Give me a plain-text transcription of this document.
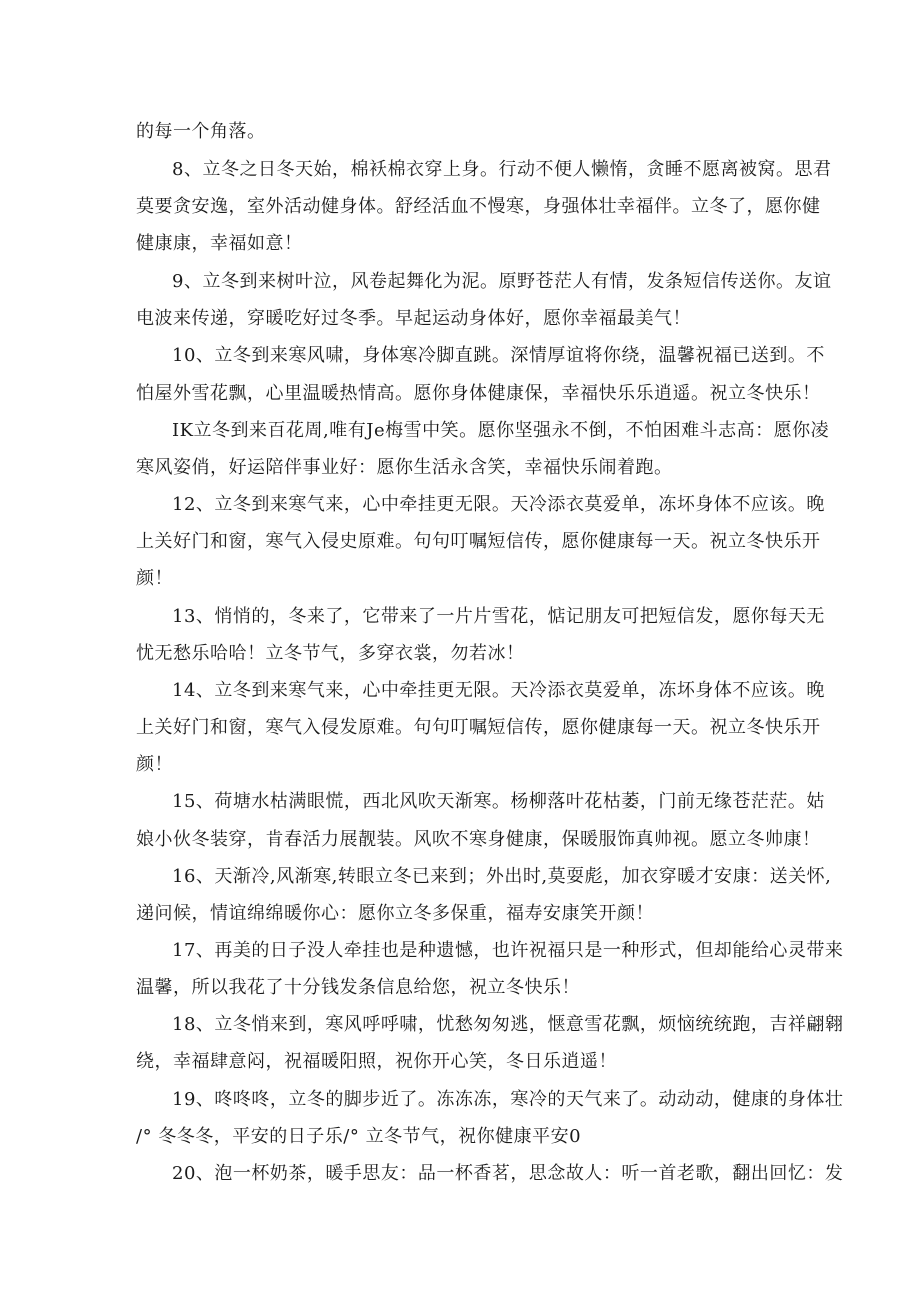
的每一个角落。
8、立冬之日冬天始，棉袄棉衣穿上身。行动不便人懒惰，贪睡不愿离被窝。思君
莫要贪安逸，室外活动健身体。舒经活血不慢寒，身强体壮幸福伴。立冬了，愿你健
健康康，幸福如意！
9、立冬到来树叶泣，风卷起舞化为泥。原野苍茫人有情，发条短信传送你。友谊
电波来传递，穿暖吃好过冬季。早起运动身体好，愿你幸福最美气！
10、立冬到来寒风啸，身体寒冷脚直跳。深情厚谊将你绕，温馨祝福已送到。不
怕屋外雪花飘，心里温暖热情高。愿你身体健康保，幸福快乐乐逍遥。祝立冬快乐！
IK立冬到来百花周,唯有Je梅雪中笑。愿你坚强永不倒，不怕困难斗志高：愿你凌
寒风姿俏，好运陪伴事业好：愿你生活永含笑，幸福快乐闹着跑。
12、立冬到来寒气来，心中牵挂更无限。天冷添衣莫爱单，冻坏身体不应该。晚
上关好门和窗，寒气入侵史原难。句句叮嘱短信传，愿你健康每一天。祝立冬快乐开
颜！
13、悄悄的，冬来了，它带来了一片片雪花，惦记朋友可把短信发，愿你每天无
忧无愁乐哈哈！立冬节气，多穿衣裳，勿若冰！
14、立冬到来寒气来，心中牵挂更无限。天冷添衣莫爱单，冻坏身体不应该。晚
上关好门和窗，寒气入侵发原难。句句叮嘱短信传，愿你健康每一天。祝立冬快乐开
颜！
15、荷塘水枯满眼慌，西北风吹天渐寒。杨柳落叶花枯萎，门前无缘苍茫茫。姑
娘小伙冬装穿，肯春活力展靓装。风吹不寒身健康，保暖服饰真帅视。愿立冬帅康！
16、天渐冷,风渐寒,转眼立冬已来到；外出时,莫耍彪，加衣穿暖才安康：送关怀,
递问候，情谊绵绵暖你心：愿你立冬多保重，福寿安康笑开颜！
17、再美的日子没人牵挂也是种遗憾，也许祝福只是一种形式，但却能给心灵带来
温馨，所以我花了十分钱发条信息给您，祝立冬快乐！
18、立冬悄来到，寒风呼呼啸，忧愁匆匆逃，惬意雪花飘，烦恼统统跑，吉祥翩翱
绕，幸福肆意闷，祝福暖阳照，祝你开心笑，冬日乐逍遥！
19、咚咚咚，立冬的脚步近了。冻冻冻，寒冷的天气来了。动动动，健康的身体壮
/° 冬冬冬，平安的日子乐/° 立冬节气，祝你健康平安0
20、泡一杯奶茶，暖手思友：品一杯香茗，思念故人：听一首老歌，翻出回忆：发
